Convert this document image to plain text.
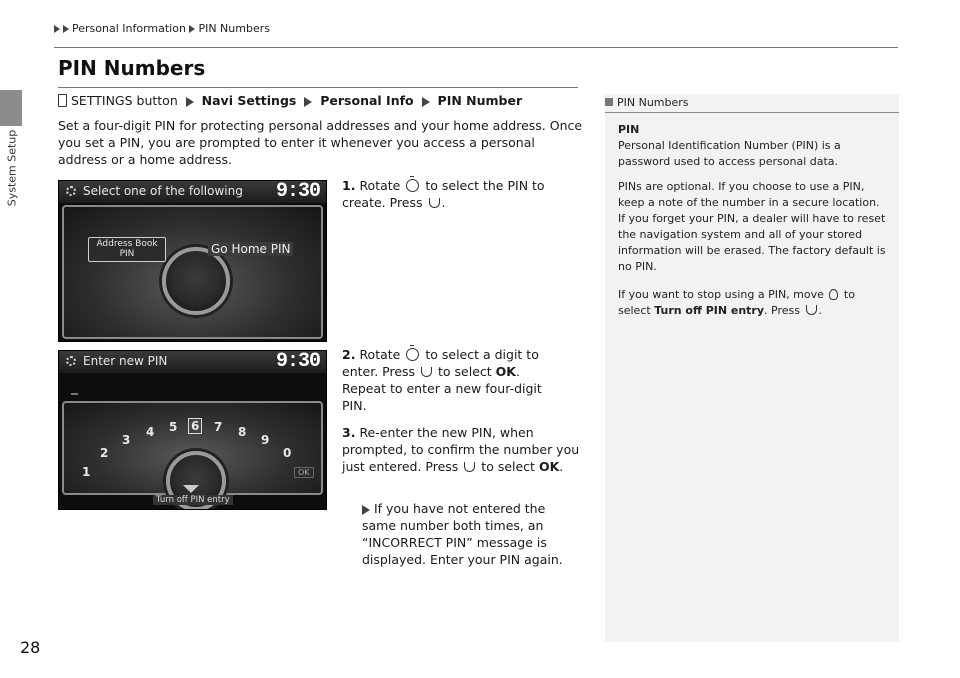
System Setup
Personal Information PIN Numbers
PIN Numbers
SETTINGS button Navi Settings Personal Info PIN Number
Set a four-digit PIN for protecting personal addresses and your home address. Once you set a PIN, you are prompted to enter it whenever you access a personal address or a home address.
Select one of the following 9:30
Address Book PIN	Go Home PIN
Enter new PIN	9:30
_
1
2
3
4 5 6 7 8
9
0
OK
Turn off PIN entry
1. Rotate to select the PIN to create. Press .
2. Rotate to select a digit to enter. Press to select OK. Repeat to enter a new four-digit PIN.
3. Re-enter the new PIN, when prompted, to confirm the number you just entered. Press to select OK.
If you have not entered the same number both times, an “INCORRECT PIN” message is displayed. Enter your PIN again.
PIN Numbers
PIN
Personal Identification Number (PIN) is a password used to access personal data.
PINs are optional. If you choose to use a PIN, keep a note of the number in a secure location. If you forget your PIN, a dealer will have to reset the navigation system and all of your stored information will be erased. The factory default is no PIN.
If you want to stop using a PIN, move to select Turn off PIN entry. Press .
28
